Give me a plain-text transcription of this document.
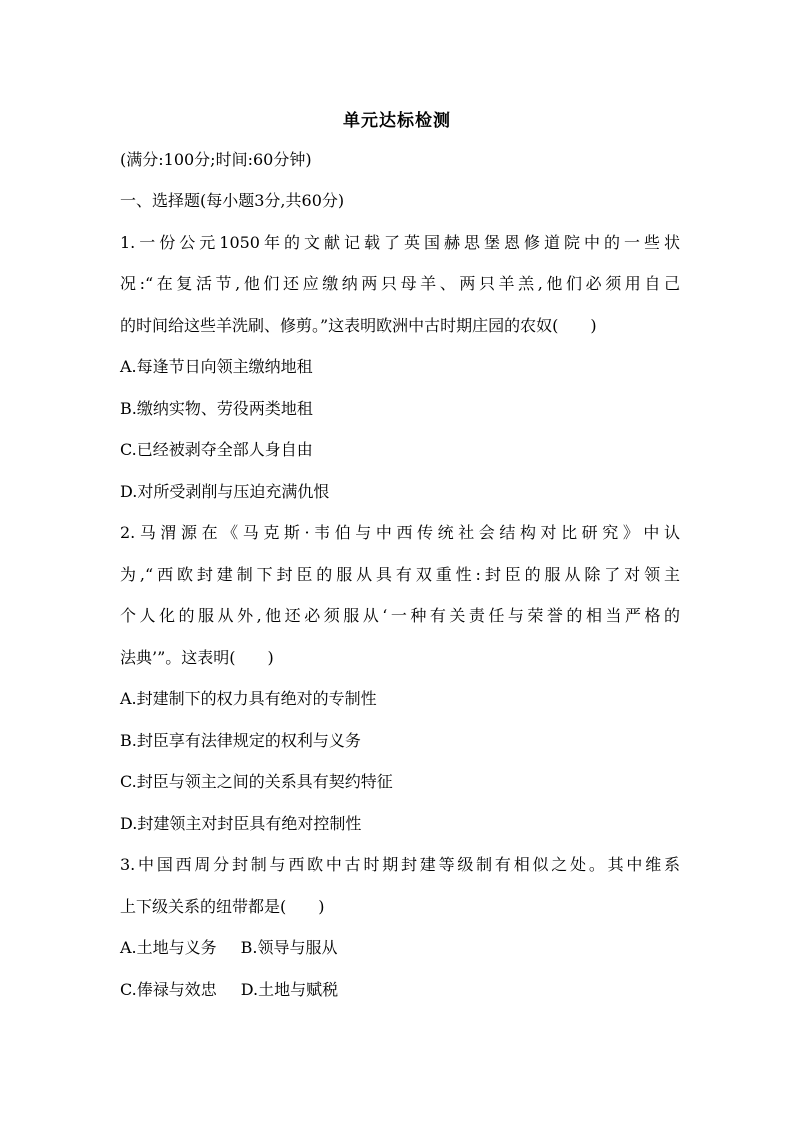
单元达标检测
(满分:100分;时间:60分钟)
一、选择题(每小题3分,共60分)
1.一份公元1050年的文献记载了英国赫思堡恩修道院中的一些状
况:“在复活节,他们还应缴纳两只母羊、两只羊羔,他们必须用自己
的时间给这些羊洗刷、修剪。”这表明欧洲中古时期庄园的农奴(　　)
A.每逢节日向领主缴纳地租
B.缴纳实物、劳役两类地租
C.已经被剥夺全部人身自由
D.对所受剥削与压迫充满仇恨
2.马渭源在《马克斯·韦伯与中西传统社会结构对比研究》中认
为,“西欧封建制下封臣的服从具有双重性:封臣的服从除了对领主
个人化的服从外,他还必须服从‘一种有关责任与荣誉的相当严格的
法典’”。这表明(　　)
A.封建制下的权力具有绝对的专制性
B.封臣享有法律规定的权利与义务
C.封臣与领主之间的关系具有契约特征
D.封建领主对封臣具有绝对控制性
3.中国西周分封制与西欧中古时期封建等级制有相似之处。其中维系
上下级关系的纽带都是(　　)
A.土地与义务 B.领导与服从
C.俸禄与效忠 D.土地与赋税
